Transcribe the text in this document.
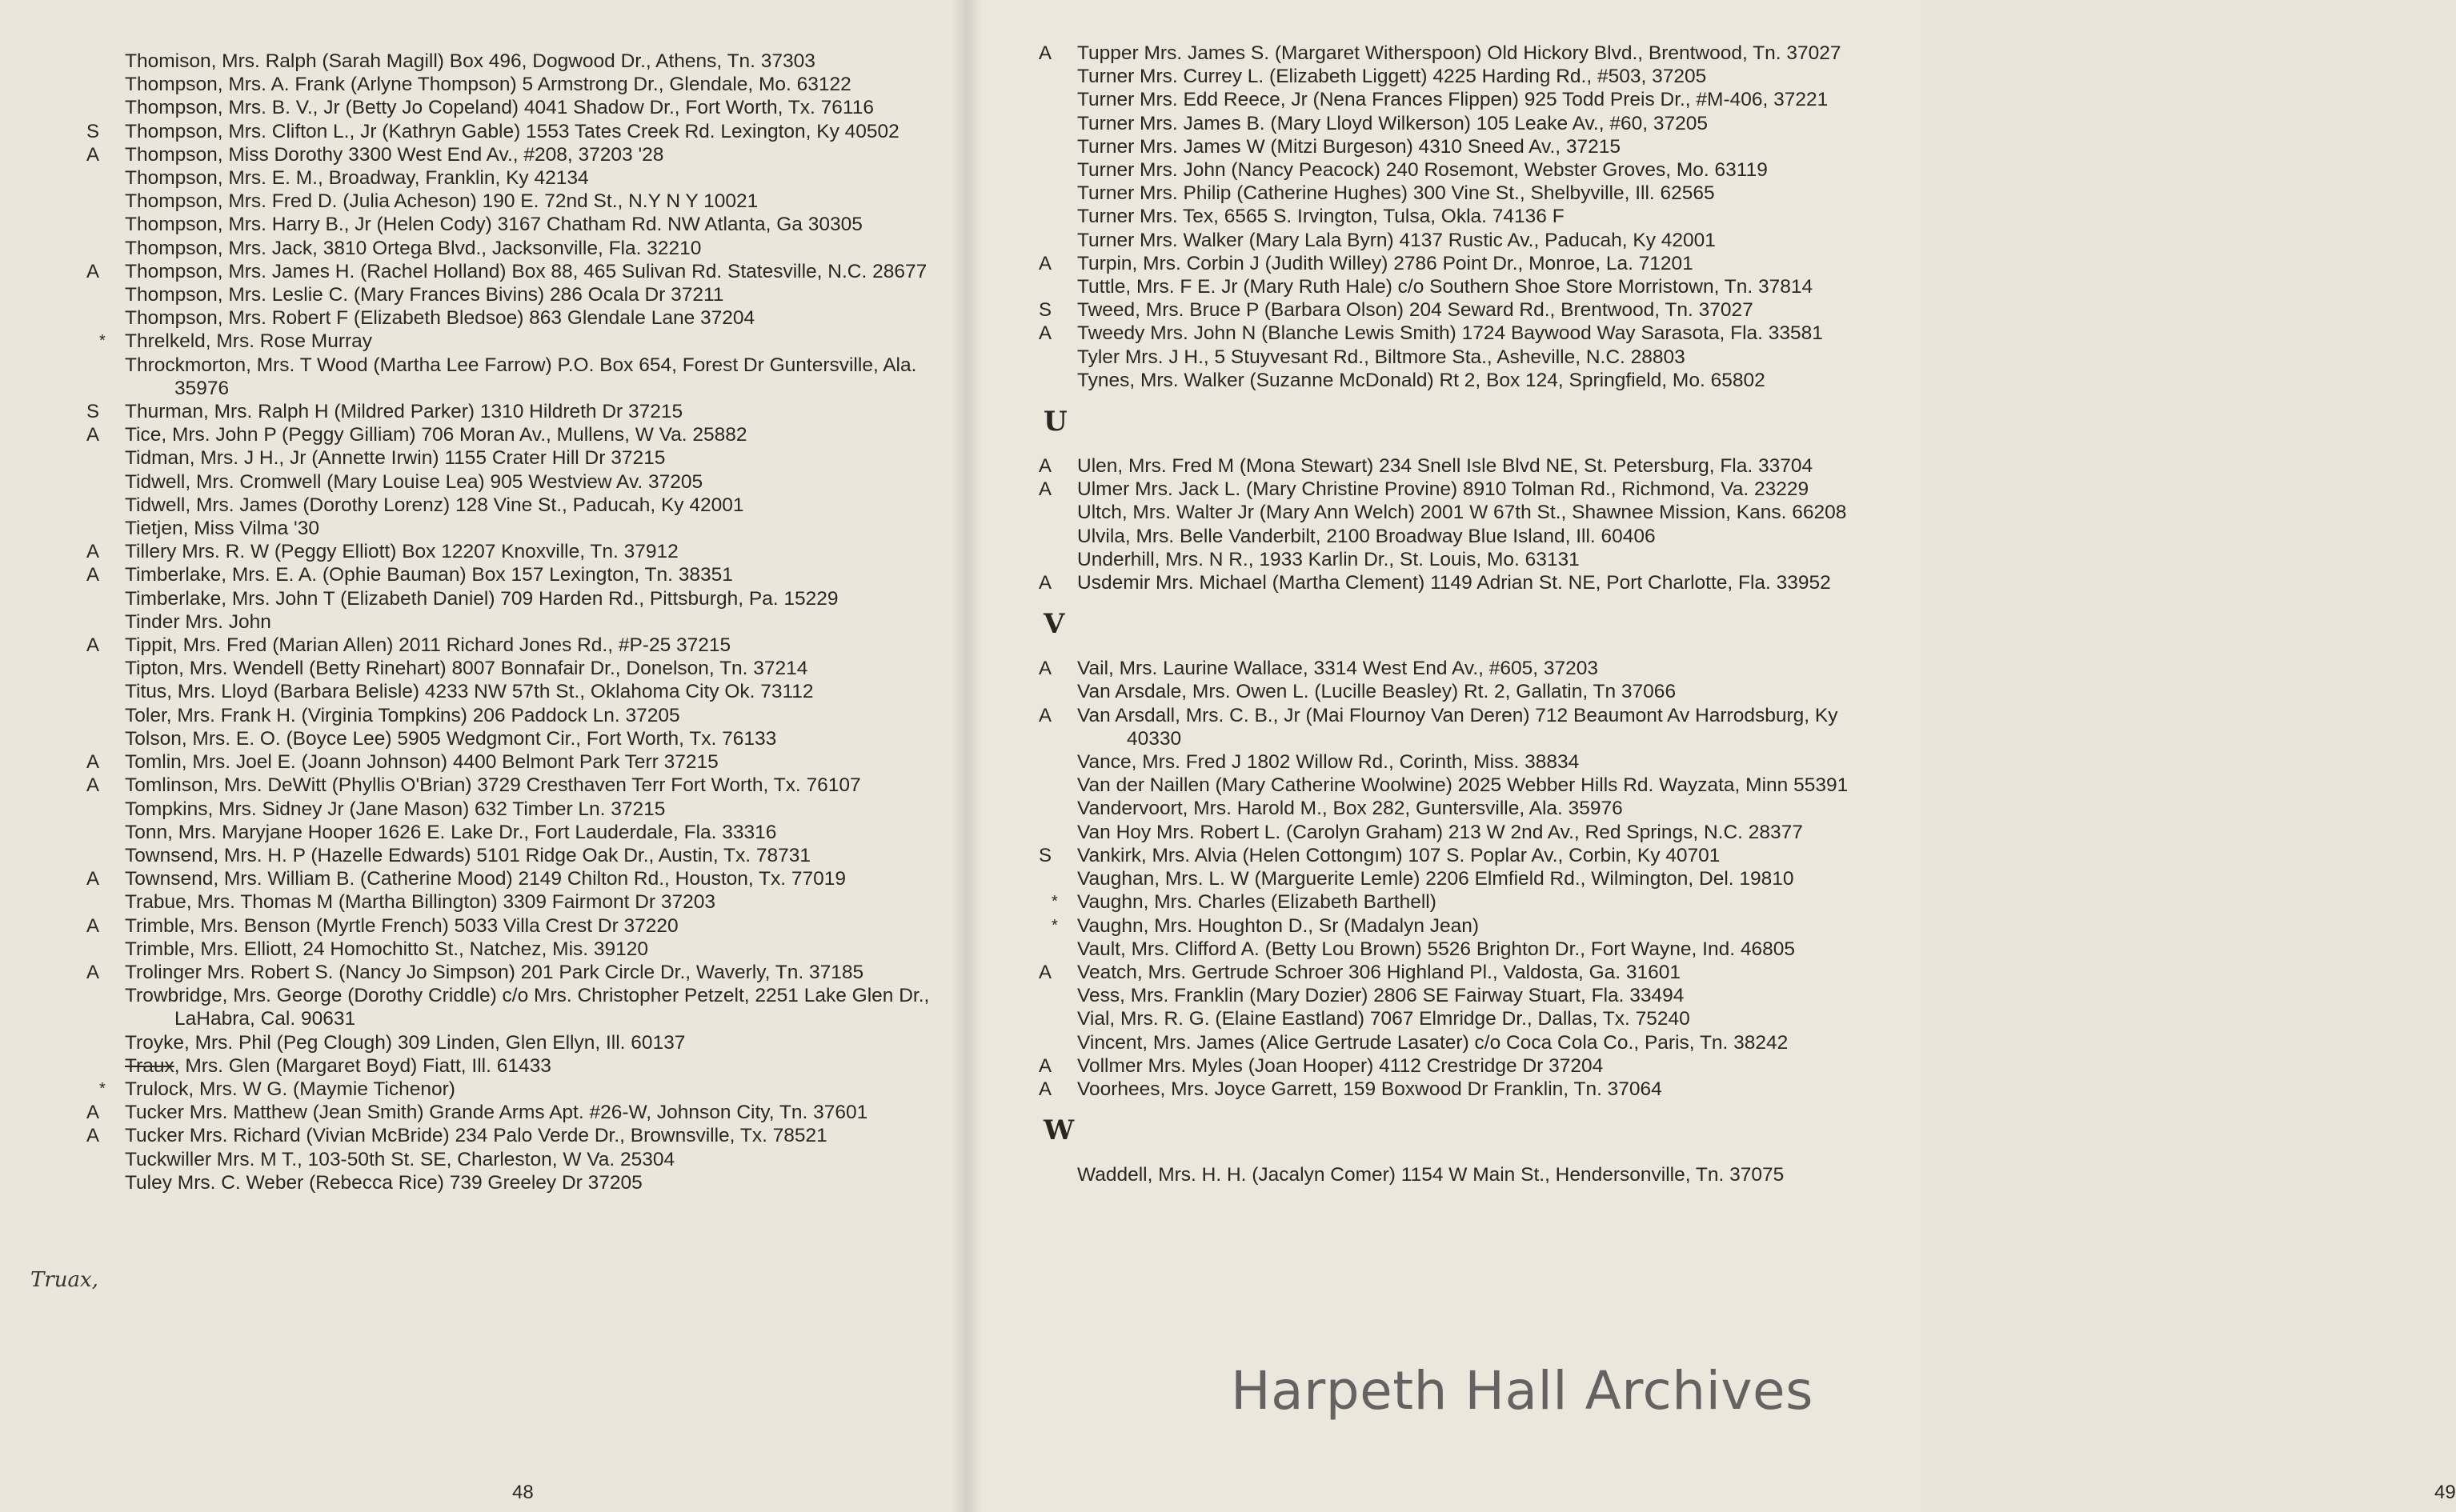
Thomison, Mrs. Ralph (Sarah Magill) Box 496, Dogwood Dr., Athens, Tn. 37303
Thompson, Mrs. A. Frank (Arlyne Thompson) 5 Armstrong Dr., Glendale, Mo. 63122
Thompson, Mrs. B. V., Jr (Betty Jo Copeland) 4041 Shadow Dr., Fort Worth, Tx. 76116
S	Thompson, Mrs. Clifton L., Jr (Kathryn Gable) 1553 Tates Creek Rd. Lexington, Ky 40502
A	Thompson, Miss Dorothy 3300 West End Av., #208, 37203 '28
Thompson, Mrs. E. M., Broadway, Franklin, Ky 42134
Thompson, Mrs. Fred D. (Julia Acheson) 190 E. 72nd St., N.Y N Y 10021
Thompson, Mrs. Harry B., Jr (Helen Cody) 3167 Chatham Rd. NW Atlanta, Ga 30305
Thompson, Mrs. Jack, 3810 Ortega Blvd., Jacksonville, Fla. 32210
A	Thompson, Mrs. James H. (Rachel Holland) Box 88, 465 Sulivan Rd. Statesville, N.C. 28677
Thompson, Mrs. Leslie C. (Mary Frances Bivins) 286 Ocala Dr 37211
Thompson, Mrs. Robert F (Elizabeth Bledsoe) 863 Glendale Lane 37204
* Threlkeld, Mrs. Rose Murray
Throckmorton, Mrs. T Wood (Martha Lee Farrow) P.O. Box 654, Forest Dr Guntersville, Ala. 35976
S	Thurman, Mrs. Ralph H (Mildred Parker) 1310 Hildreth Dr 37215
A	Tice, Mrs. John P (Peggy Gilliam) 706 Moran Av., Mullens, W Va. 25882
Tidman, Mrs. J H., Jr (Annette Irwin) 1155 Crater Hill Dr 37215
Tidwell, Mrs. Cromwell (Mary Louise Lea) 905 Westview Av. 37205
Tidwell, Mrs. James (Dorothy Lorenz) 128 Vine St., Paducah, Ky 42001
Tietjen, Miss Vilma '30
A	Tillery Mrs. R. W (Peggy Elliott) Box 12207 Knoxville, Tn. 37912
A	Timberlake, Mrs. E. A. (Ophie Bauman) Box 157 Lexington, Tn. 38351
Timberlake, Mrs. John T (Elizabeth Daniel) 709 Harden Rd., Pittsburgh, Pa. 15229
Tinder Mrs. John
A	Tippit, Mrs. Fred (Marian Allen) 2011 Richard Jones Rd., #P-25 37215
Tipton, Mrs. Wendell (Betty Rinehart) 8007 Bonnafair Dr., Donelson, Tn. 37214
Titus, Mrs. Lloyd (Barbara Belisle) 4233 NW 57th St., Oklahoma City Ok. 73112
Toler, Mrs. Frank H. (Virginia Tompkins) 206 Paddock Ln. 37205
Tolson, Mrs. E. O. (Boyce Lee) 5905 Wedgmont Cir., Fort Worth, Tx. 76133
A	Tomlin, Mrs. Joel E. (Joann Johnson) 4400 Belmont Park Terr 37215
A	Tomlinson, Mrs. DeWitt (Phyllis O'Brian) 3729 Cresthaven Terr Fort Worth, Tx. 76107
Tompkins, Mrs. Sidney Jr (Jane Mason) 632 Timber Ln. 37215
Tonn, Mrs. Maryjane Hooper 1626 E. Lake Dr., Fort Lauderdale, Fla. 33316
Townsend, Mrs. H. P (Hazelle Edwards) 5101 Ridge Oak Dr., Austin, Tx. 78731
A	Townsend, Mrs. William B. (Catherine Mood) 2149 Chilton Rd., Houston, Tx. 77019
Trabue, Mrs. Thomas M (Martha Billington) 3309 Fairmont Dr 37203
A	Trimble, Mrs. Benson (Myrtle French) 5033 Villa Crest Dr 37220
Trimble, Mrs. Elliott, 24 Homochitto St., Natchez, Mis. 39120
A	Trolinger Mrs. Robert S. (Nancy Jo Simpson) 201 Park Circle Dr., Waverly, Tn. 37185
Trowbridge, Mrs. George (Dorothy Criddle) c/o Mrs. Christopher Petzelt, 2251 Lake Glen Dr., LaHabra, Cal. 90631
Troyke, Mrs. Phil (Peg Clough) 309 Linden, Glen Ellyn, Ill. 60137
Traux, Mrs. Glen (Margaret Boyd) Fiatt, Ill. 61433
* Trulock, Mrs. W G. (Maymie Tichenor)
A	Tucker Mrs. Matthew (Jean Smith) Grande Arms Apt. #26-W, Johnson City, Tn. 37601
A	Tucker Mrs. Richard (Vivian McBride) 234 Palo Verde Dr., Brownsville, Tx. 78521
Tuckwiller Mrs. M T., 103-50th St. SE, Charleston, W Va. 25304
Tuley Mrs. C. Weber (Rebecca Rice) 739 Greeley Dr 37205
Truax,
48	49
A	Tupper Mrs. James S. (Margaret Witherspoon) Old Hickory Blvd., Brentwood, Tn. 37027
Turner Mrs. Currey L. (Elizabeth Liggett) 4225 Harding Rd., #503, 37205
Turner Mrs. Edd Reece, Jr (Nena Frances Flippen) 925 Todd Preis Dr., #M-406, 37221
Turner Mrs. James B. (Mary Lloyd Wilkerson) 105 Leake Av., #60, 37205
Turner Mrs. James W (Mitzi Burgeson) 4310 Sneed Av., 37215
Turner Mrs. John (Nancy Peacock) 240 Rosemont, Webster Groves, Mo. 63119
Turner Mrs. Philip (Catherine Hughes) 300 Vine St., Shelbyville, Ill. 62565
Turner Mrs. Tex, 6565 S. Irvington, Tulsa, Okla. 74136 F
Turner Mrs. Walker (Mary Lala Byrn) 4137 Rustic Av., Paducah, Ky 42001
A	Turpin, Mrs. Corbin J (Judith Willey) 2786 Point Dr., Monroe, La. 71201
Tuttle, Mrs. F E. Jr (Mary Ruth Hale) c/o Southern Shoe Store Morristown, Tn. 37814
S	Tweed, Mrs. Bruce P (Barbara Olson) 204 Seward Rd., Brentwood, Tn. 37027
A	Tweedy Mrs. John N (Blanche Lewis Smith) 1724 Baywood Way Sarasota, Fla. 33581
Tyler Mrs. J H., 5 Stuyvesant Rd., Biltmore Sta., Asheville, N.C. 28803
Tynes, Mrs. Walker (Suzanne McDonald) Rt 2, Box 124, Springfield, Mo. 65802
U
A	Ulen, Mrs. Fred M (Mona Stewart) 234 Snell Isle Blvd NE, St. Petersburg, Fla. 33704
A	Ulmer Mrs. Jack L. (Mary Christine Provine) 8910 Tolman Rd., Richmond, Va. 23229
Ultch, Mrs. Walter Jr (Mary Ann Welch) 2001 W 67th St., Shawnee Mission, Kans. 66208
Ulvila, Mrs. Belle Vanderbilt, 2100 Broadway Blue Island, Ill. 60406
Underhill, Mrs. N R., 1933 Karlin Dr., St. Louis, Mo. 63131
A	Usdemir Mrs. Michael (Martha Clement) 1149 Adrian St. NE, Port Charlotte, Fla. 33952
V
A	Vail, Mrs. Laurine Wallace, 3314 West End Av., #605, 37203
Van Arsdale, Mrs. Owen L. (Lucille Beasley) Rt. 2, Gallatin, Tn 37066
A	Van Arsdall, Mrs. C. B., Jr (Mai Flournoy Van Deren) 712 Beaumont Av Harrodsburg, Ky 40330
Vance, Mrs. Fred J 1802 Willow Rd., Corinth, Miss. 38834
Van der Naillen (Mary Catherine Woolwine) 2025 Webber Hills Rd. Wayzata, Minn 55391
Vandervoort, Mrs. Harold M., Box 282, Guntersville, Ala. 35976
Van Hoy Mrs. Robert L. (Carolyn Graham) 213 W 2nd Av., Red Springs, N.C. 28377
S	Vankirk, Mrs. Alvia (Helen Cottongım) 107 S. Poplar Av., Corbin, Ky 40701
Vaughan, Mrs. L. W (Marguerite Lemle) 2206 Elmfield Rd., Wilmington, Del. 19810
* Vaughn, Mrs. Charles (Elizabeth Barthell)
* Vaughn, Mrs. Houghton D., Sr (Madalyn Jean)
Vault, Mrs. Clifford A. (Betty Lou Brown) 5526 Brighton Dr., Fort Wayne, Ind. 46805
A	Veatch, Mrs. Gertrude Schroer 306 Highland Pl., Valdosta, Ga. 31601
Vess, Mrs. Franklin (Mary Dozier) 2806 SE Fairway Stuart, Fla. 33494
Vial, Mrs. R. G. (Elaine Eastland) 7067 Elmridge Dr., Dallas, Tx. 75240
Vincent, Mrs. James (Alice Gertrude Lasater) c/o Coca Cola Co., Paris, Tn. 38242
A	Vollmer Mrs. Myles (Joan Hooper) 4112 Crestridge Dr 37204
A	Voorhees, Mrs. Joyce Garrett, 159 Boxwood Dr Franklin, Tn. 37064
W
Waddell, Mrs. H. H. (Jacalyn Comer) 1154 W Main St., Hendersonville, Tn. 37075
Harpeth Hall Archives
